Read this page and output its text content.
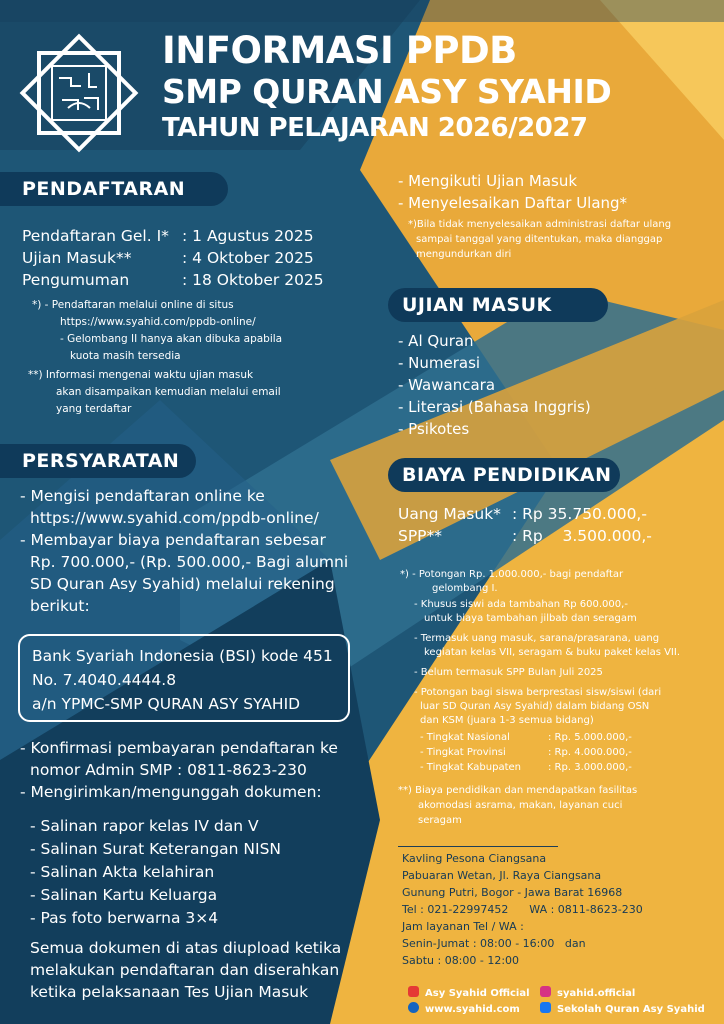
INFORMASI PPDB
SMP QURAN ASY SYAHID
TAHUN PELAJARAN 2026/2027
PENDAFTARAN
Pendaftaran Gel. I* : 1 Agustus 2025
Ujian Masuk**	: 4 Oktober 2025
Pengumuman	: 18 Oktober 2025
*) - Pendaftaran melalui online di situs
https://www.syahid.com/ppdb-online/
- Gelombang II hanya akan dibuka apabila
kuota masih tersedia
**) Informasi mengenai waktu ujian masuk
akan disampaikan kemudian melalui email
yang terdaftar
PERSYARATAN
- Mengisi pendaftaran online ke
https://www.syahid.com/ppdb-online/
- Membayar biaya pendaftaran sebesar
Rp. 700.000,- (Rp. 500.000,- Bagi alumni
SD Quran Asy Syahid) melalui rekening
berikut:
Bank Syariah Indonesia (BSI) kode 451
No. 7.4040.4444.8
a/n YPMC-SMP QURAN ASY SYAHID
- Konfirmasi pembayaran pendaftaran ke
nomor Admin SMP : 0811-8623-230
- Mengirimkan/mengunggah dokumen:
- Salinan rapor kelas IV dan V
- Salinan Surat Keterangan NISN
- Salinan Akta kelahiran
- Salinan Kartu Keluarga
- Pas foto berwarna 3×4
Semua dokumen di atas diupload ketika
melakukan pendaftaran dan diserahkan
ketika pelaksanaan Tes Ujian Masuk
- Mengikuti Ujian Masuk
- Menyelesaikan Daftar Ulang*
*)Bila tidak menyelesaikan administrasi daftar ulang
sampai tanggal yang ditentukan, maka dianggap
mengundurkan diri
UJIAN MASUK
- Al Quran
- Numerasi
- Wawancara
- Literasi (Bahasa Inggris)
- Psikotes
BIAYA PENDIDIKAN
Uang Masuk* : Rp 35.750.000,-
SPP**	: Rp    3.500.000,-
*) - Potongan Rp. 1.000.000,- bagi pendaftar
gelombang I.
- Khusus siswi ada tambahan Rp 600.000,-
untuk biaya tambahan jilbab dan seragam
- Termasuk uang masuk, sarana/prasarana, uang
kegiatan kelas VII, seragam & buku paket kelas VII.
- Belum termasuk SPP Bulan Juli 2025
- Potongan bagi siswa berprestasi sisw/siswi (dari
luar SD Quran Asy Syahid) dalam bidang OSN
dan KSM (juara 1-3 semua bidang)
- Tingkat Nasional	: Rp. 5.000.000,-
- Tingkat Provinsi	: Rp. 4.000.000,-
- Tingkat Kabupaten	: Rp. 3.000.000,-
**) Biaya pendidikan dan mendapatkan fasilitas
akomodasi asrama, makan, layanan cuci
seragam
Kavling Pesona Ciangsana
Pabuaran Wetan, Jl. Raya Ciangsana
Gunung Putri, Bogor - Jawa Barat 16968
Tel : 021-22997452      WA : 0811-8623-230
Jam layanan Tel / WA :
Senin-Jumat : 08:00 - 16:00   dan
Sabtu : 08:00 - 12:00
Asy Syahid Official	syahid.official
www.syahid.com	Sekolah Quran Asy Syahid
